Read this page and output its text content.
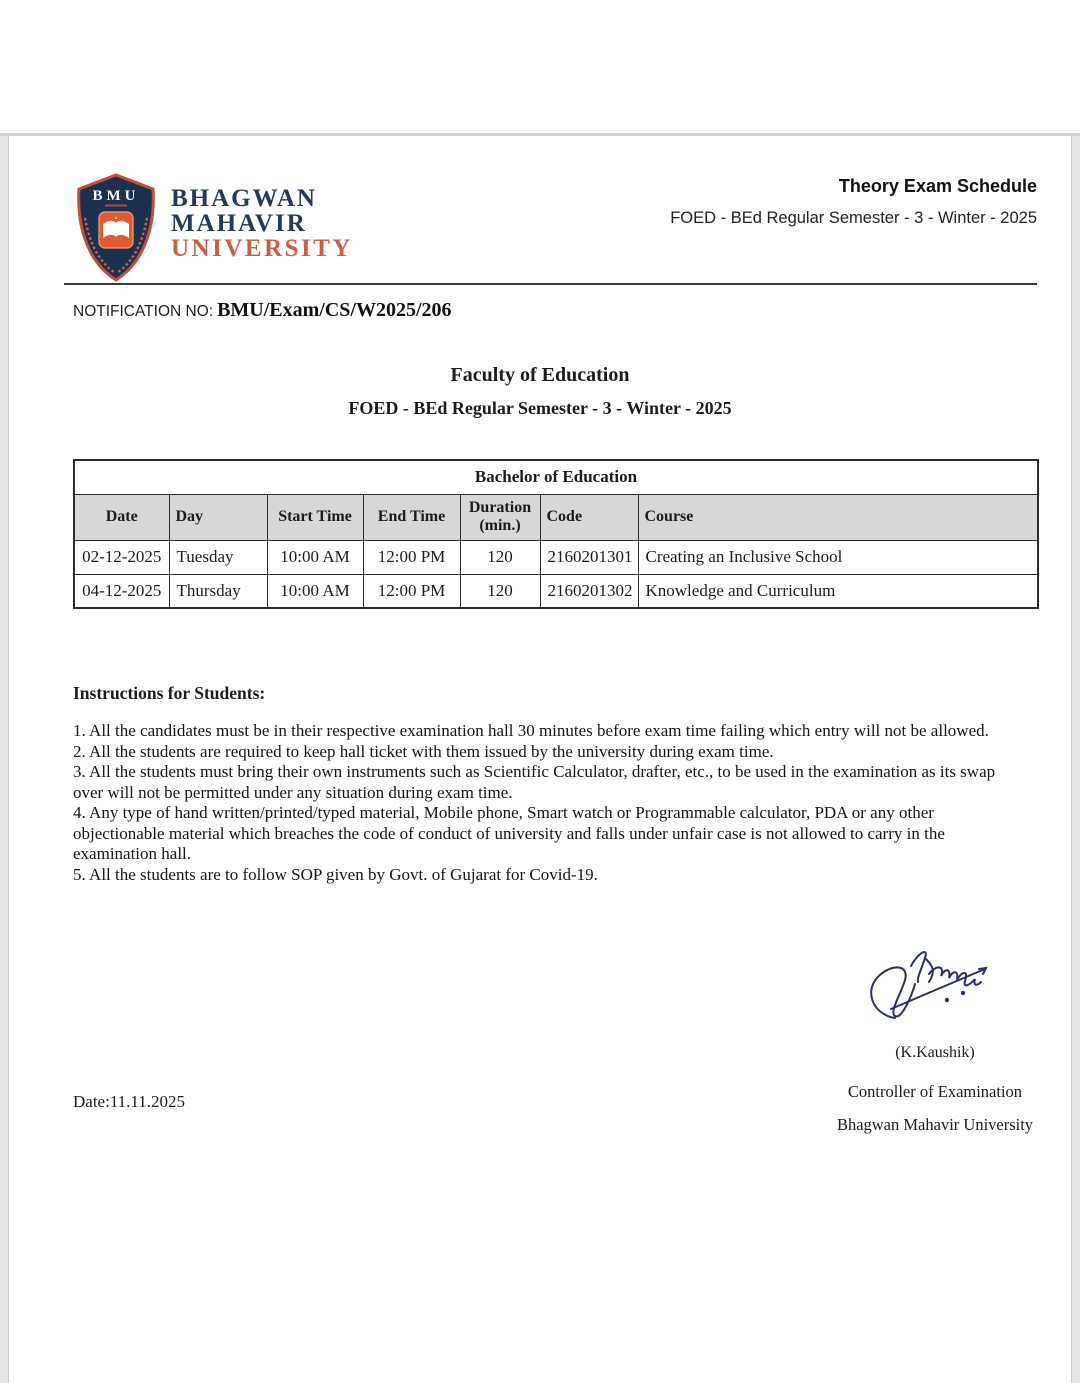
BMU BHAGWAN
MAHAVIR
UNIVERSITY
Theory Exam Schedule
FOED - BEd Regular Semester - 3 - Winter - 2025
NOTIFICATION NO: BMU/Exam/CS/W2025/206
Faculty of Education
FOED - BEd Regular Semester - 3 - Winter - 2025
Bachelor of Education						
Date	Day	Start Time	End Time	Duration (min.)	Code	Course
02-12-2025	Tuesday	10:00 AM	12:00 PM	120	2160201301	Creating an Inclusive School
04-12-2025	Thursday	10:00 AM	12:00 PM	120	2160201302	Knowledge and Curriculum
Instructions for Students:
1. All the candidates must be in their respective examination hall 30 minutes before exam time failing which entry will not be allowed.
2. All the students are required to keep hall ticket with them issued by the university during exam time.
3. All the students must bring their own instruments such as Scientific Calculator, drafter, etc., to be used in the examination as its swap over will not be permitted under any situation during exam time.
4. Any type of hand written/printed/typed material, Mobile phone, Smart watch or Programmable calculator, PDA or any other objectionable material which breaches the code of conduct of university and falls under unfair case is not allowed to carry in the examination hall.
5. All the students are to follow SOP given by Govt. of Gujarat for Covid-19.
(K.Kaushik)
Controller of Examination
Bhagwan Mahavir University
Date:11.11.2025
